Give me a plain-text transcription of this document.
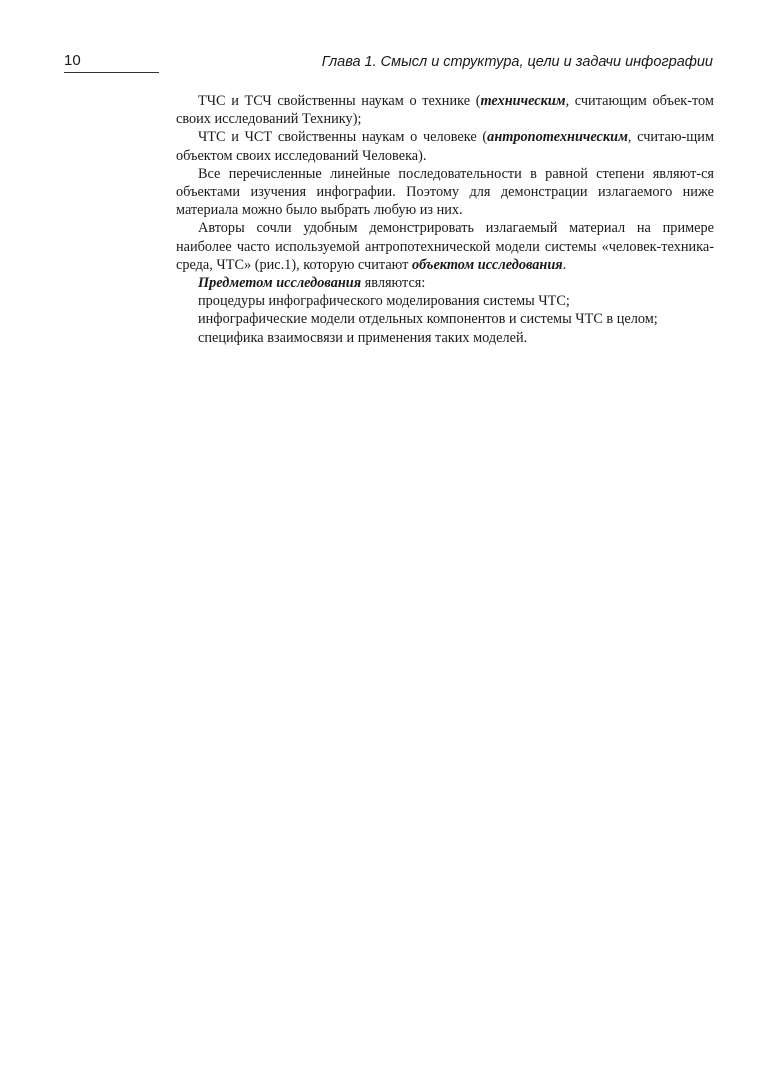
10	Глава 1. Смысл и структура, цели и задачи инфографии

ТЧС и ТСЧ свойственны наукам о технике (техническим, считающим объек-том своих исследований Технику);

ЧТС и ЧСТ свойственны наукам о человеке (антропотехническим, считаю-щим объектом своих исследований Человека).

Все перечисленные линейные последовательности в равной степени являют-ся объектами изучения инфографии. Поэтому для демонстрации излагаемого ниже материала можно было выбрать любую из них.

Авторы сочли удобным демонстрировать излагаемый материал на примере наиболее часто используемой антропотехнической модели системы «человек-техника-среда, ЧТС» (рис.1), которую считают объектом исследования.

Предметом исследования являются:

процедуры инфографического моделирования системы ЧТС;

инфографические модели отдельных компонентов и системы ЧТС в целом;

специфика взаимосвязи и применения таких моделей.
